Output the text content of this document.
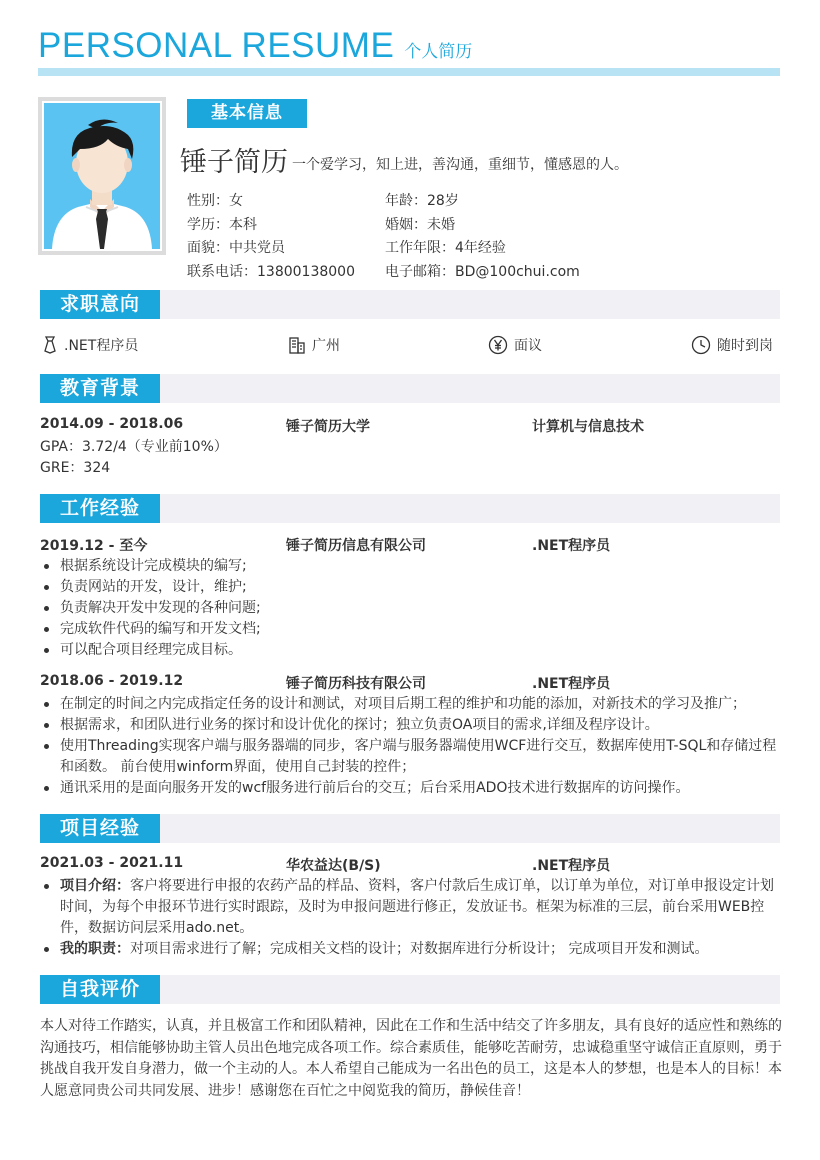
PERSONAL RESUME 个人简历
基本信息
锤子简历 一个爱学习，知上进，善沟通，重细节，懂感恩的人。
性别：女	年龄：28岁
学历：本科	婚姻：未婚
面貌：中共党员	工作年限：4年经验
联系电话：13800138000	电子邮箱：BD@100chui.com
求职意向
.NET程序员	广州	面议	随时到岗
教育背景
2014.09 - 2018.06	锤子简历大学	计算机与信息技术
GPA：3.72/4（专业前10%）
GRE：324
工作经验
2019.12 - 至今	锤子简历信息有限公司	.NET程序员
根据系统设计完成模块的编写;
负责网站的开发，设计，维护;
负责解决开发中发现的各种问题;
完成软件代码的编写和开发文档;
可以配合项目经理完成目标。
2018.06 - 2019.12	锤子简历科技有限公司	.NET程序员
在制定的时间之内完成指定任务的设计和测试，对项目后期工程的维护和功能的添加，对新技术的学习及推广；
根据需求，和团队进行业务的探讨和设计优化的探讨；独立负责OA项目的需求,详细及程序设计。
使用Threading实现客户端与服务器端的同步，客户端与服务器端使用WCF进行交互，数据库使用T-SQL和存储过程和函数。 前台使用winform界面，使用自己封装的控件；
通讯采用的是面向服务开发的wcf服务进行前后台的交互；后台采用ADO技术进行数据库的访问操作。
项目经验
2021.03 - 2021.11	华农益达(B/S)	.NET程序员
项目介绍：客户将要进行申报的农药产品的样品、资料，客户付款后生成订单，以订单为单位，对订单申报设定计划时间，为每个申报环节进行实时跟踪，及时为申报问题进行修正，发放证书。框架为标准的三层，前台采用WEB控件，数据访问层采用ado.net。
我的职责：对项目需求进行了解；完成相关文档的设计；对数据库进行分析设计； 完成项目开发和测试。
自我评价
本人对待工作踏实，认真，并且极富工作和团队精神，因此在工作和生活中结交了许多朋友，具有良好的适应性和熟练的沟通技巧，相信能够协助主管人员出色地完成各项工作。综合素质佳，能够吃苦耐劳，忠诚稳重坚守诚信正直原则，勇于挑战自我开发自身潜力，做一个主动的人。本人希望自己能成为一名出色的员工，这是本人的梦想，也是本人的目标！本人愿意同贵公司共同发展、进步！感谢您在百忙之中阅览我的简历，静候佳音！
